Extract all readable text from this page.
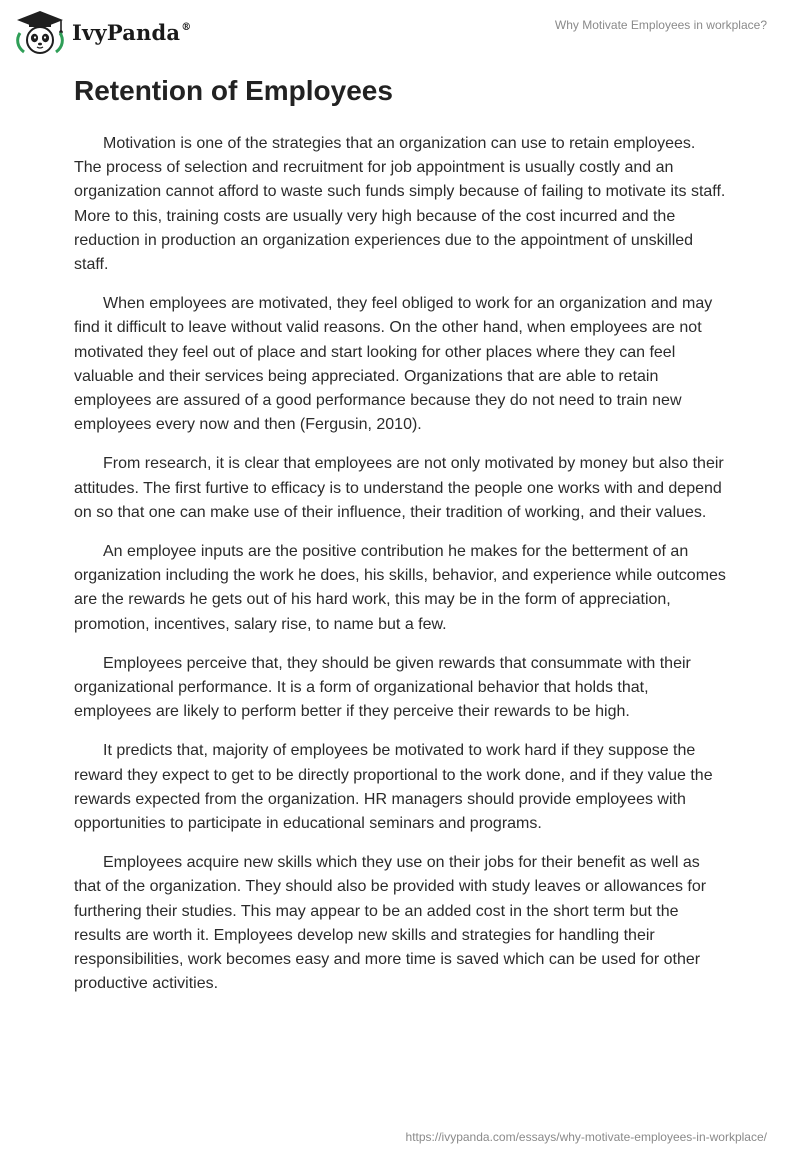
IvyPanda®	Why Motivate Employees in workplace?
Retention of Employees

Motivation is one of the strategies that an organization can use to retain employees. The process of selection and recruitment for job appointment is usually costly and an organization cannot afford to waste such funds simply because of failing to motivate its staff. More to this, training costs are usually very high because of the cost incurred and the reduction in production an organization experiences due to the appointment of unskilled staff.

When employees are motivated, they feel obliged to work for an organization and may find it difficult to leave without valid reasons. On the other hand, when employees are not motivated they feel out of place and start looking for other places where they can feel valuable and their services being appreciated. Organizations that are able to retain employees are assured of a good performance because they do not need to train new employees every now and then (Fergusin, 2010).

From research, it is clear that employees are not only motivated by money but also their attitudes. The first furtive to efficacy is to understand the people one works with and depend on so that one can make use of their influence, their tradition of working, and their values.

An employee inputs are the positive contribution he makes for the betterment of an organization including the work he does, his skills, behavior, and experience while outcomes are the rewards he gets out of his hard work, this may be in the form of appreciation, promotion, incentives, salary rise, to name but a few.

Employees perceive that, they should be given rewards that consummate with their organizational performance. It is a form of organizational behavior that holds that, employees are likely to perform better if they perceive their rewards to be high.

It predicts that, majority of employees be motivated to work hard if they suppose the reward they expect to get to be directly proportional to the work done, and if they value the rewards expected from the organization. HR managers should provide employees with opportunities to participate in educational seminars and programs.

Employees acquire new skills which they use on their jobs for their benefit as well as that of the organization. They should also be provided with study leaves or allowances for furthering their studies. This may appear to be an added cost in the short term but the results are worth it. Employees develop new skills and strategies for handling their responsibilities, work becomes easy and more time is saved which can be used for other productive activities.

https://ivypanda.com/essays/why-motivate-employees-in-workplace/
